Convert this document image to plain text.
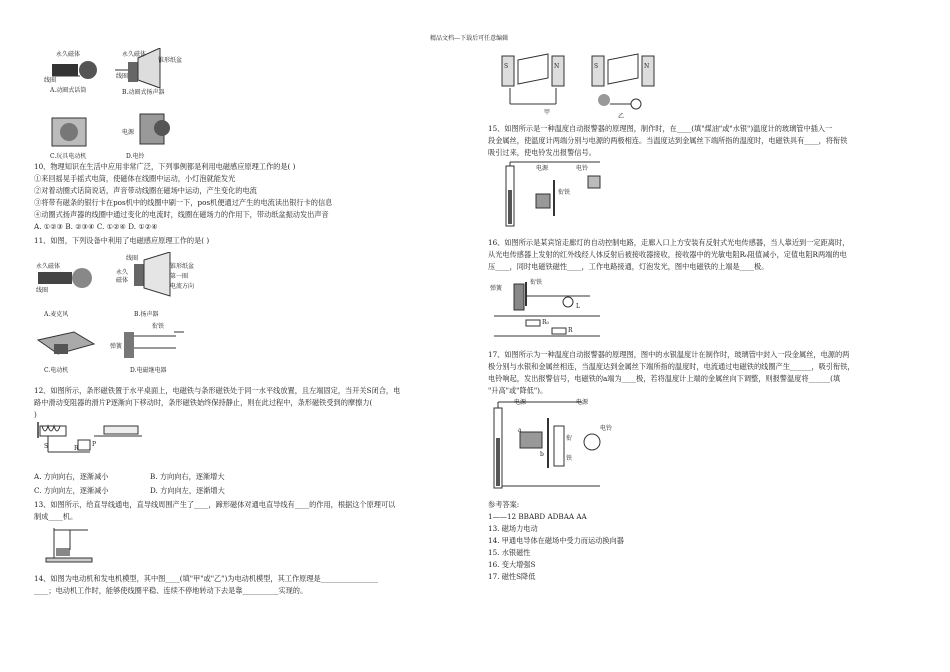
精品文档---下载后可任意编辑
永久磁体
线圈
A.动圈式话筒
永久磁体
锥形纸盆
线圈
B.动圈式扬声器
C.玩具电动机
电源
D.电铃
10、物理知识在生活中应用非常广泛，下列事例都是利用电磁感应原理工作的是( )
①来回摇晃手摇式电筒，使磁体在线圈中运动，小灯泡就能发光
②对着动圈式话筒说话，声音带动线圈在磁场中运动，产生变化的电流
③将带有磁条的银行卡在pos机中的线圈中刷一下，pos机便通过产生的电流读出银行卡的信息
④动圈式扬声器的线圈中通过变化的电流时，线圈在磁场力的作用下，带动纸盆振动发出声音
A. ①②③ B. ②③④ C. ①②④ D. ①②④
11、如图，下列设备中利用了电磁感应原理工作的是( )
永久磁体
线圈
A.麦克风
线圈
永久
磁体
锥形纸盆
第一圈
电流方向
B.扬声器
C.电动机
衔铁
弹簧
D.电磁继电器
12、如图所示，条形磁铁置于水平桌面上，电磁铁与条形磁铁处于同一水平线放置，且左端固定，当开关S闭合，电
路中滑动变阻器的滑片P逐渐向下移动时，条形磁铁始终保持静止，则在此过程中，条形磁铁受到的摩擦力(
)
S	P
R
A. 方向向右，逐渐减小	B. 方向向右，逐渐增大
C. 方向向左，逐渐减小	D. 方向向左，逐渐增大
13、如图所示，给直导线通电，直导线周围产生了____，蹄形磁体对通电直导线有____的作用，根据这个原理可以
制成____机。
14、如图为电动机和发电机模型，其中图____(填"甲"或"乙")为电动机模型，其工作原理是________________
____；电动机工作时，能够使线圈平稳、连续不停地转动下去是靠__________实现的。
S	N	S	N
甲
乙
15、如图所示是一种温度自动报警器的原理图，制作时，在____(填"煤油"或"水银")温度计的玻璃管中插入一
段金属丝，使温度计两端分别与电源的两极相连。当温度达到金属丝下端所指的温度时，电磁铁具有____，将衔铁
吸引过来，使电铃发出报警信号。
电源	电铃
衔铁
16、如图所示是某宾馆走廊灯的自动控制电路，走廊入口上方安装有反射式光电传感器，当人靠近到一定距离时，
从光电传感器上发射的红外线经人体反射后被接收器接收，接收器中的光敏电阻R₀阻值减小，定值电阻R两端的电
压____，同时电磁铁磁性____，工作电路接通，灯泡发光，图中电磁铁的上端是____极。
弹簧
衔铁
L
R₀
R
17、如图所示为一种温度自动报警器的原理图，图中的水银温度计在制作时，玻璃管中封入一段金属丝，电源的两
极分别与水银和金属丝相连，当温度达到金属丝下端所指的温度时，电流通过电磁铁的线圈产生______，吸引衔铁，
电铃响起，发出报警信号，电磁铁的a端为____极，若将温度计上端的金属丝向下调整，则报警温度将______(填
"升高"或"降低")。
电源	电源
a
b
衔
铁
电铃
参考答案:
1——12 BBABD ADBAA AA
13. 磁场力电动
14. 甲通电导体在磁场中受力而运动换向器
15. 水银磁性
16. 变大增强S
17. 磁性S降低
